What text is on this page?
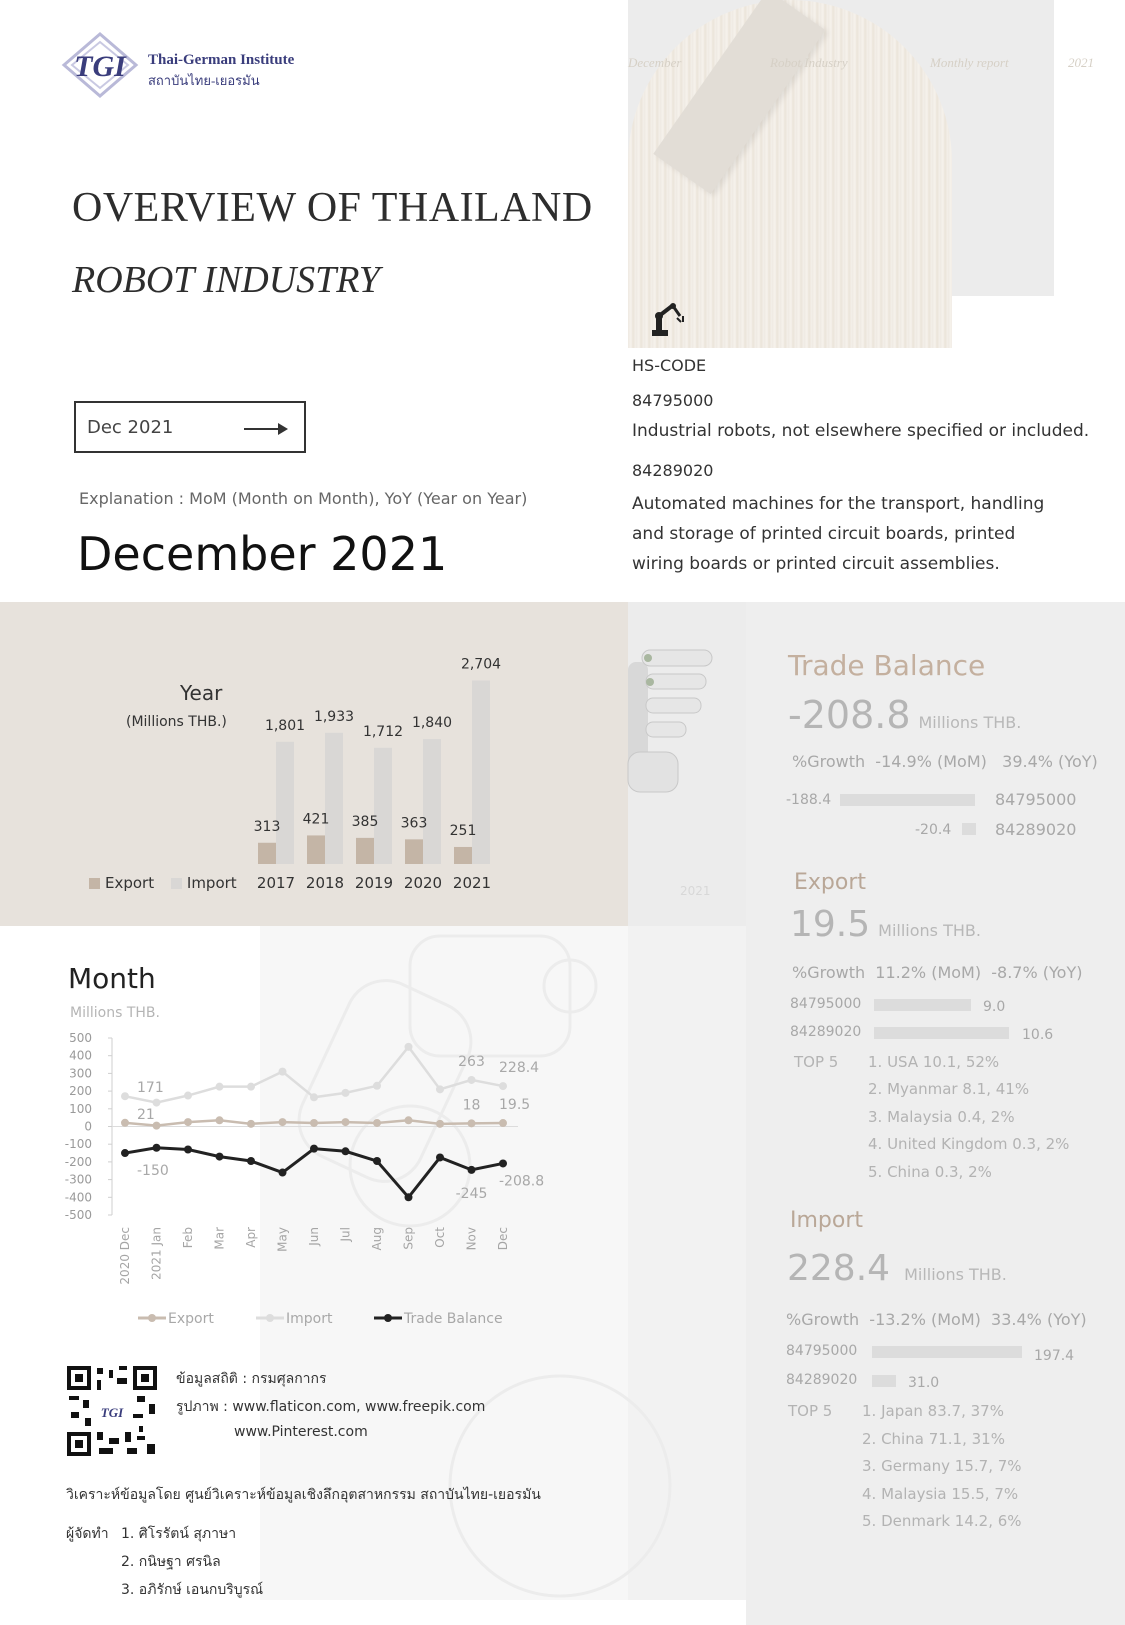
TGI Thai-German Institute
สถาบันไทย-เยอรมัน
December	Robot Industry	Monthly report	2021
OVERVIEW OF THAILAND
ROBOT INDUSTRY
Dec 2021
Explanation : MoM (Month on Month), YoY (Year on Year)
December 2021
HS-CODE
84795000
Industrial robots, not elsewhere specified or included.
84289020
Automated machines for the transport, handling and storage of printed circuit boards, printed wiring boards or printed circuit assemblies.
Year
(Millions THB.)
Export Import
1,801
313
2017
1,933
421
2018
1,712
385
2019
1,840
363
2020
2,704
251
2021	2021
Trade Balance
-208.8 Millions THB.
%Growth -14.9% (MoM) 39.4% (YoY)
-188.4	84795000
-20.4	84289020
Export
19.5 Millions THB.
%Growth 11.2% (MoM) -8.7% (YoY)
84795000	9.0
84289020	10.6
TOP 5 1. USA 10.1, 52%
2. Myanmar 8.1, 41%
3. Malaysia 0.4, 2%
4. United Kingdom 0.3, 2%
5. China 0.3, 2%
Import
228.4 Millions THB.
%Growth -13.2% (MoM) 33.4% (YoY)
84795000	197.4
84289020	31.0
TOP 5 1. Japan 83.7, 37%
2. China 71.1, 31%
3. Germany 15.7, 7%
4. Malaysia 15.5, 7%
5. Denmark 14.2, 6%
Month
Millions THB.
500
400
300
200
100
0
-100
-200
-300
-400
-500
2020 Dec 2021 Jan Feb Mar Apr May Jun Jul Aug Sep Oct Nov Dec
171
21
-150
263
18
-245
228.4
19.5
-208.8
Export	Import	Trade Balance
TGI
ข้อมูลสถิติ : กรมศุลกากร
รูปภาพ : www.flaticon.com, www.freepik.com
www.Pinterest.com
วิเคราะห์ข้อมูลโดย ศูนย์วิเคราะห์ข้อมูลเชิงลึกอุตสาหกรรม สถาบันไทย-เยอรมัน
ผู้จัดทำ 1. ศิโรรัตน์ สุภาษา
2. กนิษฐา ศรนิล
3. อภิรักษ์ เอนกบริบูรณ์
